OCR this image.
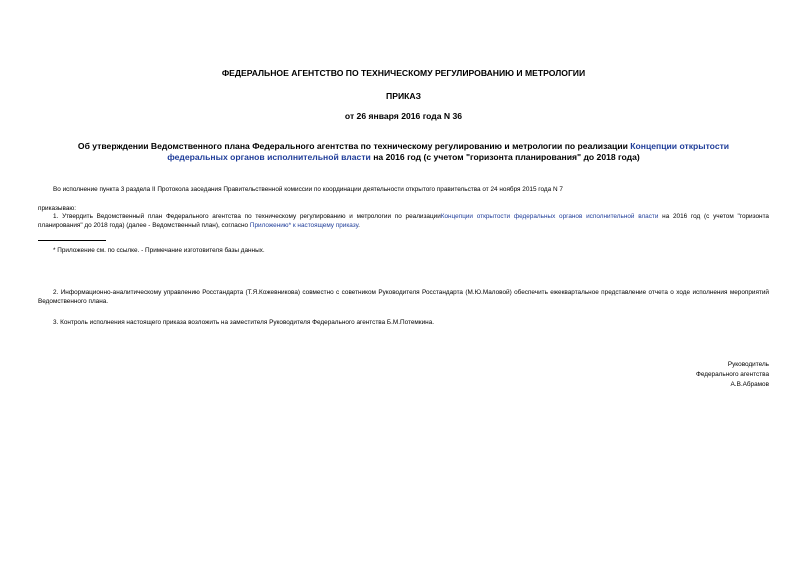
ФЕДЕРАЛЬНОЕ АГЕНТСТВО ПО ТЕХНИЧЕСКОМУ РЕГУЛИРОВАНИЮ И МЕТРОЛОГИИ
ПРИКАЗ
от 26 января 2016 года N 36
Об утверждении Ведомственного плана Федерального агентства по техническому регулированию и метрологии по реализации Концепции открытости федеральных органов исполнительной власти на 2016 год (с учетом "горизонта планирования" до 2018 года)
Во исполнение пункта 3 раздела II Протокола заседания Правительственной комиссии по координации деятельности открытого правительства от 24 ноября 2015 года N 7
приказываю:
1. Утвердить Ведомственный план Федерального агентства по техническому регулированию и метрологии по реализацииКонцепции открытости федеральных органов исполнительной власти на 2016 год (с учетом "горизонта планирования" до 2018 года) (далее - Ведомственный план), согласно Приложению* к настоящему приказу.
* Приложение см. по ссылке. - Примечание изготовителя базы данных.
2. Информационно-аналитическому управлению Росстандарта (Т.Я.Кожевникова) совместно с советником Руководителя Росстандарта (М.Ю.Маловой) обеспечить ежеквартальное представление отчета о ходе исполнения мероприятий Ведомственного плана.
3. Контроль исполнения настоящего приказа возложить на заместителя Руководителя Федерального агентства Б.М.Потемкина.
Руководитель
Федерального агентства
А.В.Абрамов
